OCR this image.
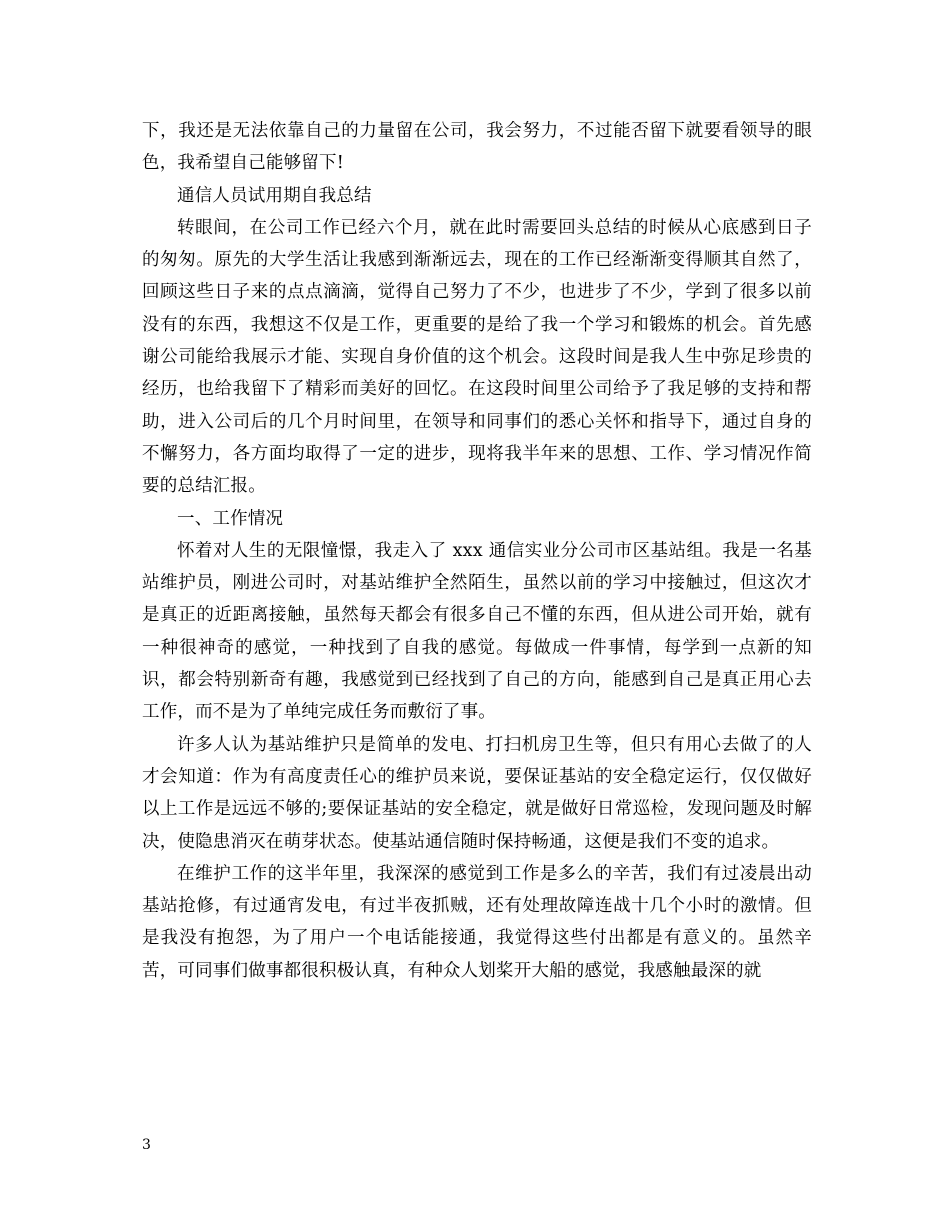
下，我还是无法依靠自己的力量留在公司，我会努力，不过能否留下就要看领导的眼色，我希望自己能够留下!

通信人员试用期自我总结

转眼间，在公司工作已经六个月，就在此时需要回头总结的时候从心底感到日子的匆匆。原先的大学生活让我感到渐渐远去，现在的工作已经渐渐变得顺其自然了，回顾这些日子来的点点滴滴，觉得自己努力了不少，也进步了不少，学到了很多以前没有的东西，我想这不仅是工作，更重要的是给了我一个学习和锻炼的机会。首先感谢公司能给我展示才能、实现自身价值的这个机会。这段时间是我人生中弥足珍贵的经历，也给我留下了精彩而美好的回忆。在这段时间里公司给予了我足够的支持和帮助，进入公司后的几个月时间里，在领导和同事们的悉心关怀和指导下，通过自身的不懈努力，各方面均取得了一定的进步，现将我半年来的思想、工作、学习情况作简要的总结汇报。

一、工作情况

怀着对人生的无限憧憬，我走入了 xxx 通信实业分公司市区基站组。我是一名基站维护员，刚进公司时，对基站维护全然陌生，虽然以前的学习中接触过，但这次才是真正的近距离接触，虽然每天都会有很多自己不懂的东西，但从进公司开始，就有一种很神奇的感觉，一种找到了自我的感觉。每做成一件事情，每学到一点新的知识，都会特别新奇有趣，我感觉到已经找到了自己的方向，能感到自己是真正用心去工作，而不是为了单纯完成任务而敷衍了事。

许多人认为基站维护只是简单的发电、打扫机房卫生等，但只有用心去做了的人才会知道：作为有高度责任心的维护员来说，要保证基站的安全稳定运行，仅仅做好以上工作是远远不够的;要保证基站的安全稳定，就是做好日常巡检，发现问题及时解决，使隐患消灭在萌芽状态。使基站通信随时保持畅通，这便是我们不变的追求。

在维护工作的这半年里，我深深的感觉到工作是多么的辛苦，我们有过凌晨出动基站抢修，有过通宵发电，有过半夜抓贼，还有处理故障连战十几个小时的激情。但是我没有抱怨，为了用户一个电话能接通，我觉得这些付出都是有意义的。虽然辛苦，可同事们做事都很积极认真，有种众人划桨开大船的感觉，我感触最深的就

3
